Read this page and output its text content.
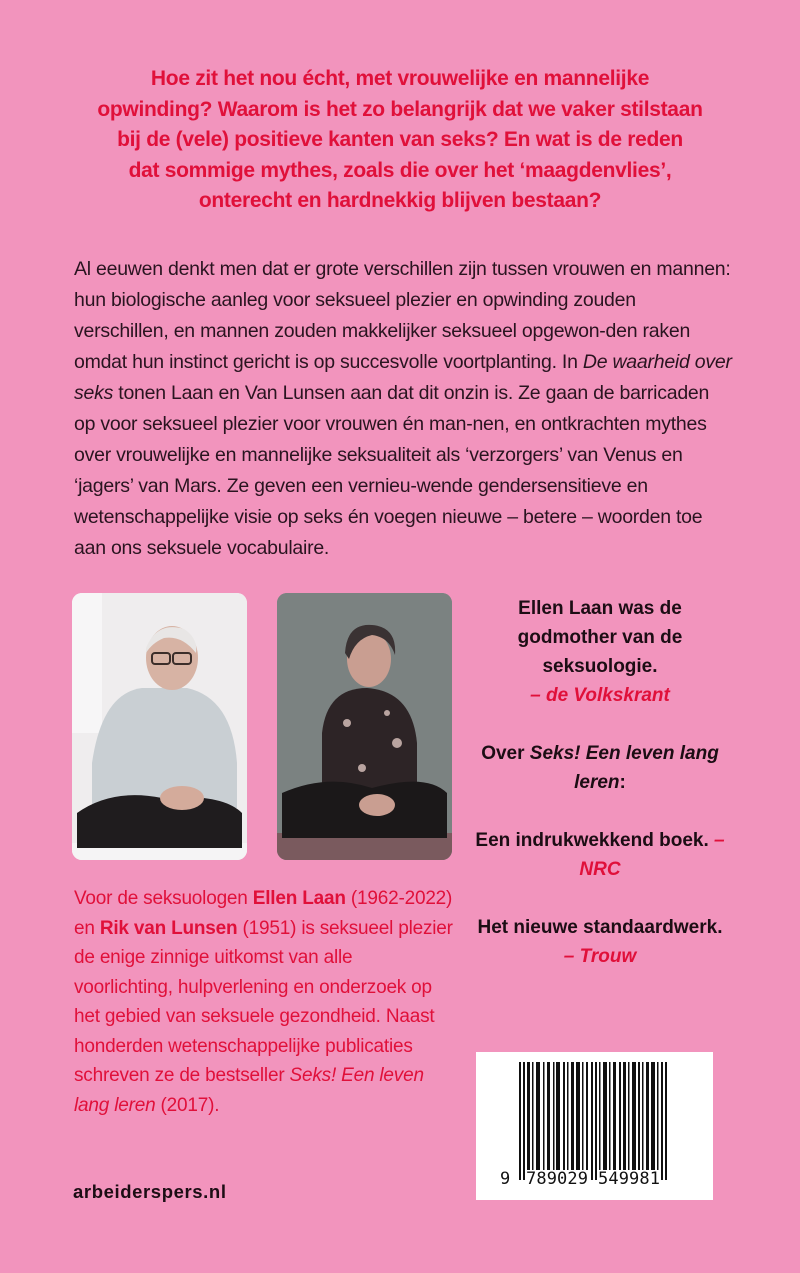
Hoe zit het nou écht, met vrouwelijke en mannelijke
opwinding? Waarom is het zo belangrijk dat we vaker stilstaan
bij de (vele) positieve kanten van seks? En wat is de reden
dat sommige mythes, zoals die over het ‘maagdenvlies’,
onterecht en hardnekkig blijven bestaan?

Al eeuwen denkt men dat er grote verschillen zijn tussen vrouwen en mannen: hun biologische aanleg voor seksueel plezier en opwinding zouden verschillen, en mannen zouden makkelijker seksueel opgewon-den raken omdat hun instinct gericht is op succesvolle voortplanting. In De waarheid over seks tonen Laan en Van Lunsen aan dat dit onzin is. Ze gaan de barricaden op voor seksueel plezier voor vrouwen én man-nen, en ontkrachten mythes over vrouwelijke en mannelijke seksualiteit als ‘verzorgers’ van Venus en ‘jagers’ van Mars. Ze geven een vernieu-wende gendersensitieve en wetenschappelijke visie op seks én voegen nieuwe – betere – woorden toe aan ons seksuele vocabulaire.

Ellen Laan was de godmother van de seksuologie.
– de Volkskrant
Over Seks! Een leven lang leren:
Een indrukwekkend boek. – NRC
Het nieuwe standaardwerk.
– Trouw
Voor de seksuologen Ellen Laan (1962-2022) en Rik van Lunsen (1951) is seksueel plezier de enige zinnige uitkomst van alle voorlichting, hulpverlening en onderzoek op het gebied van seksuele gezondheid. Naast honderden wetenschappelijke publicaties schreven ze de bestseller Seks! Een leven lang leren (2017).
arbeiderspers.nl
9 789029 549981
